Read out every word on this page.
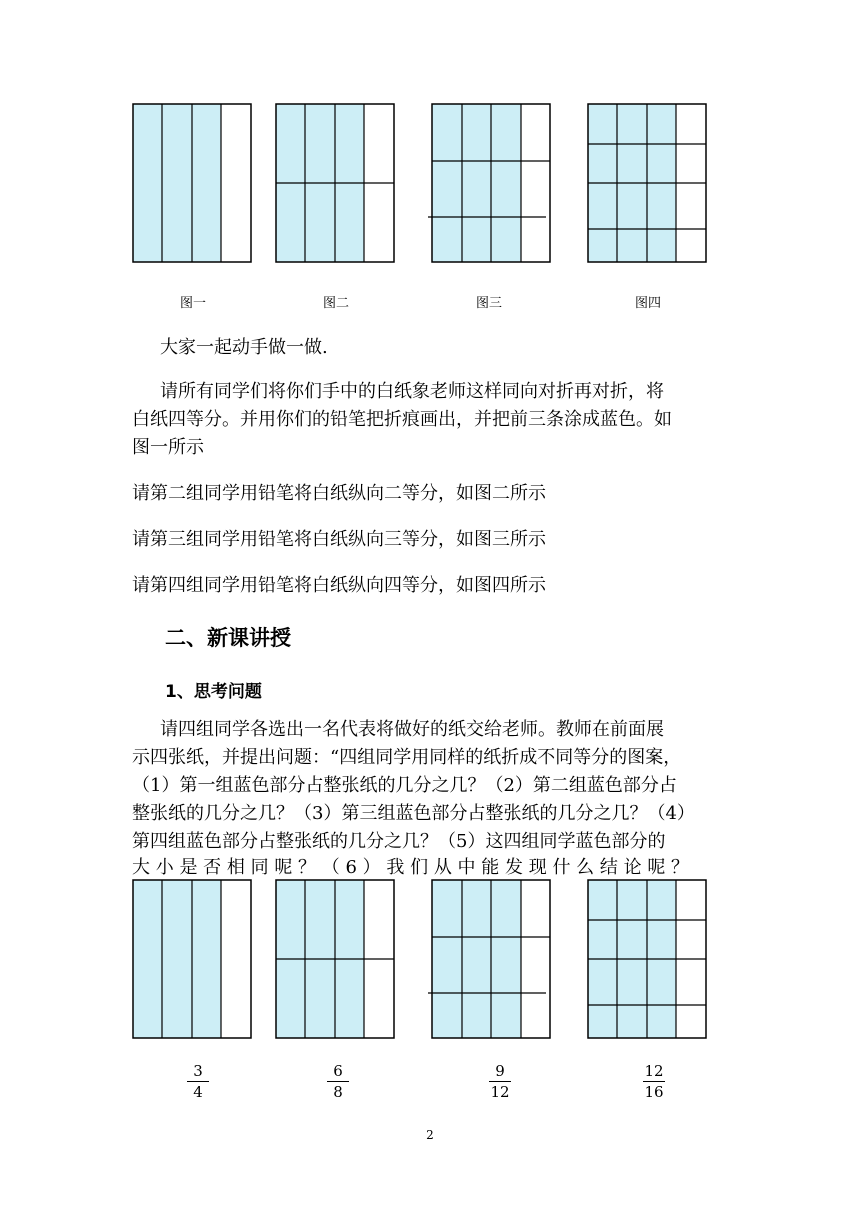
图一	图二	图三	图四
大家一起动手做一做.
请所有同学们将你们手中的白纸象老师这样同向对折再对折，将
白纸四等分。并用你们的铅笔把折痕画出，并把前三条涂成蓝色。如
图一所示
请第二组同学用铅笔将白纸纵向二等分，如图二所示
请第三组同学用铅笔将白纸纵向三等分，如图三所示
请第四组同学用铅笔将白纸纵向四等分，如图四所示
二、新课讲授
1、思考问题
请四组同学各选出一名代表将做好的纸交给老师。教师在前面展
示四张纸，并提出问题：“四组同学用同样的纸折成不同等分的图案，
（1）第一组蓝色部分占整张纸的几分之几？（2）第二组蓝色部分占
整张纸的几分之几？（3）第三组蓝色部分占整张纸的几分之几？（4）
第四组蓝色部分占整张纸的几分之几？（5）这四组同学蓝色部分的
大 小 是 否 相 同 呢 ？ （ 6 ） 我 们 从 中 能 发 现 什 么 结 论 呢 ？
3
4
6
8
9
12
12
16
2
